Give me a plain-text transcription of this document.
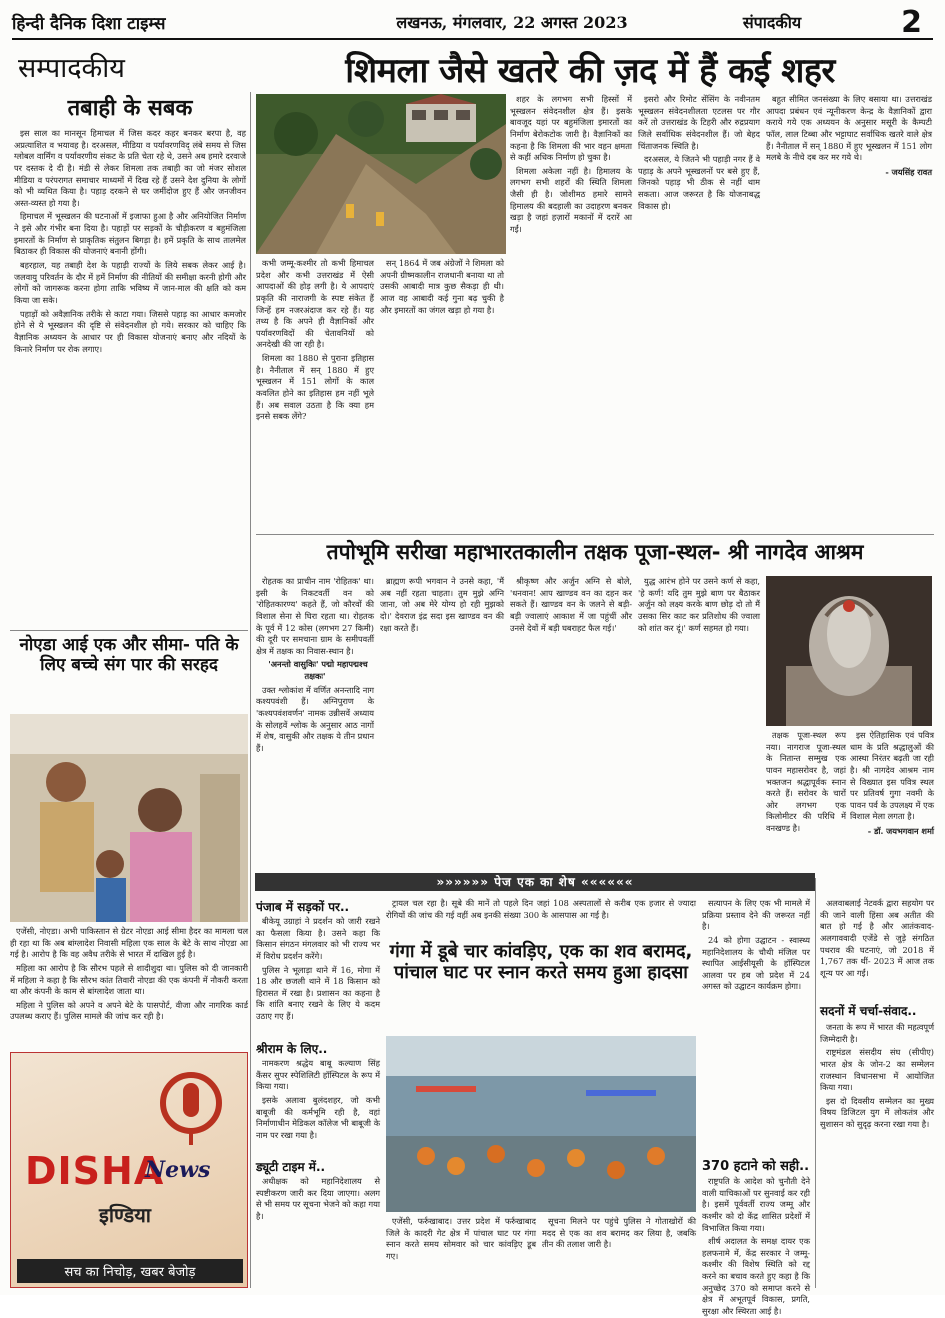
हिन्दी दैनिक दिशा टाइम्स	लखनऊ, मंगलवार, 22 अगस्त 2023	संपादकीय	2
सम्पादकीय	शिमला जैसे खतरे की ज़द में हैं कई शहर
तबाही के सबक

इस साल का मानसून हिमाचल में जिस कदर कहर बनकर बरपा है, वह अप्रत्याशित व भयावह है। दरअसल, मीडिया व पर्यावरणविद् लंबे समय से जिस ग्लोबल वार्मिंग व पर्यावरणीय संकट के प्रति चेता रहे थे, उसने अब हमारे दरवाजे पर दस्तक दे दी है। मंडी से लेकर शिमला तक तबाही का जो मंजर सोशल मीडिया व परंपरागत समाचार माध्यमों में दिख रहे हैं उसने देश दुनिया के लोगों को भी व्यथित किया है। पहाड़ दरकने से घर जमींदोज हुए हैं और जनजीवन अस्त-व्यस्त हो गया है।

हिमाचल में भूस्खलन की घटनाओं में इजाफा हुआ है और अनियोजित निर्माण ने इसे और गंभीर बना दिया है। पहाड़ों पर सड़कों के चौड़ीकरण व बहुमंजिला इमारतों के निर्माण से प्राकृतिक संतुलन बिगड़ा है। हमें प्रकृति के साथ तालमेल बिठाकर ही विकास की योजनाएं बनानी होंगी।

बहरहाल, यह तबाही देश के पहाड़ी राज्यों के लिये सबक लेकर आई है। जलवायु परिवर्तन के दौर में हमें निर्माण की नीतियों की समीक्षा करनी होगी और लोगों को जागरूक करना होगा ताकि भविष्य में जान-माल की क्षति को कम किया जा सके।

पहाड़ों को अवैज्ञानिक तरीके से काटा गया। जिससे पहाड़ का आधार कमजोर होने से ये भूस्खलन की दृष्टि से संवेदनशील हो गये। सरकार को चाहिए कि वैज्ञानिक अध्ययन के आधार पर ही विकास योजनाएं बनाए और नदियों के किनारे निर्माण पर रोक लगाए।

कभी जम्मू-कश्मीर तो कभी हिमाचल प्रदेश और कभी उत्तराखंड में ऐसी आपदाओं की होड़ लगी है। ये आपदाएं प्रकृति की नाराजगी के स्पष्ट संकेत हैं जिन्हें हम नजरअंदाज कर रहे हैं। यह तथ्य है कि अपने ही वैज्ञानिकों और पर्यावरणविदों की चेतावनियों को अनदेखी की जा रही है।

शिमला का 1880 से पुराना इतिहास है। नैनीताल में सन् 1880 में हुए भूस्खलन में 151 लोगों के काल कवलित होने का इतिहास हम नहीं भूले हैं। अब सवाल उठता है कि क्या हम इनसे सबक लेंगे?

सन् 1864 में जब अंग्रेजों ने शिमला को अपनी ग्रीष्मकालीन राजधानी बनाया था तो उसकी आबादी मात्र कुछ सैकड़ा ही थी। आज वह आबादी कई गुना बढ़ चुकी है और इमारतों का जंगल खड़ा हो गया है।

शहर के लगभग सभी हिस्सों में भूस्खलन संवेदनशील क्षेत्र हैं। इसके बावजूद यहां पर बहुमंजिला इमारतों का निर्माण बेरोकटोक जारी है। वैज्ञानिकों का कहना है कि शिमला की भार वहन क्षमता से कहीं अधिक निर्माण हो चुका है।

शिमला अकेला नहीं है। हिमालय के लगभग सभी शहरों की स्थिति शिमला जैसी ही है। जोशीमठ हमारे सामने हिमालय की बदहाली का उदाहरण बनकर खड़ा है जहां हज़ारों मकानों में दरारें आ गईं।

इसरो और रिमोट सेंसिंग के नवीनतम भूस्खलन संवेदनशीलता एटलस पर गौर करें तो उत्तराखंड के टिहरी और रुद्रप्रयाग जिले सर्वाधिक संवेदनशील हैं। जो बेहद चिंताजनक स्थिति है।

दरअसल, ये जितने भी पहाड़ी नगर हैं वे पहाड़ के अपने भूस्खलनों पर बसे हुए हैं, जिनको पहाड़ भी ठीक से नहीं थाम सकता। आज जरूरत है कि योजनाबद्ध विकास हो।

बहुत सीमित जनसंख्या के लिए बसाया था। उत्तराखंड आपदा प्रबंधन एवं न्यूनीकरण केन्द्र के वैज्ञानिकों द्वारा कराये गये एक अध्ययन के अनुसार मसूरी के कैम्पटी फॉल, लाल टिब्बा और भट्टाघाट सर्वाधिक खतरे वाले क्षेत्र हैं। नैनीताल में सन् 1880 में हुए भूस्खलन में 151 लोग मलबे के नीचे दब कर मर गये थे।

- जयसिंह रावत
तपोभूमि सरीखा महाभारतकालीन तक्षक पूजा-स्थल- श्री नागदेव आश्रम

रोहतक का प्राचीन नाम 'रोहितक' था। इसी के निकटवर्ती वन को 'रोहितकारण्य' कहते हैं, जो कौरवों की विशाल सेना से घिरा रहता था। रोहतक के पूर्व में 12 कोस (लगभग 27 किमी) की दूरी पर समचाना ग्राम के समीपवर्ती क्षेत्र में तक्षक का निवास-स्थान है।

'अनन्तो वासुकिः' पद्मो महापद्मश्च तक्षकः'

उक्त श्लोकांश में वर्णित अनन्तादि नाग कश्यपवंशी हैं। अग्निपुराण के 'कश्यपवंशवर्णन' नामक उन्नीसवें अध्याय के सोलहवें श्लोक के अनुसार आठ नागों में शेष, वासुकी और तक्षक ये तीन प्रधान हैं।

ब्राह्मण रूपी भगवान ने उनसे कहा, 'मैं अब नहीं रहता चाहता। तुम मुझे अग्नि जाना, जो अब मेरे योग्य हो रही मुझको दो।' देवराज इंद्र सदा इस खाण्डव वन की रक्षा करते हैं।

श्रीकृष्ण और अर्जुन अग्नि से बोले, 'धनवान! आप खाण्डव वन का दहन कर सकते हैं। खाण्डव वन के जलने से बड़ी-बड़ी ज्वालाएं आकाश में जा पहुंचीं और उनसे देवों में बड़ी घबराहट फैल गई।'

युद्ध आरंभ होने पर उसने कर्ण से कहा, 'हे कर्ण! यदि तुम मुझे बाण पर बैठाकर अर्जुन को लक्ष्य करके बाण छोड़ दो तो मैं उसका सिर काट कर प्रतिशोध की ज्वाला को शांत कर दूं।' कर्ण सहमत हो गया।

तक्षक पूजा-स्थल रूप नया। नागराज पूजा-स्थल के नितान्त सम्मुख एक पावन महासरोवर है, जहां भक्तजन श्रद्धापूर्वक स्नान करते हैं। सरोवर के चारों ओर लगभग एक किलोमीटर की परिधि में वनखण्ड है।

इस ऐतिहासिक एवं पवित्र धाम के प्रति श्रद्धालुओं की आस्था निरंतर बढ़ती जा रही है। श्री नागदेव आश्रम नाम से विख्यात इस पवित्र स्थल पर प्रतिवर्ष गुगा नवमी के पावन पर्व के उपलक्ष्य में एक विशाल मेला लगता है।

- डॉ. जयभगवान शर्मा
»»»»»» पेज एक का शेष ««««««
नोएडा आई एक और सीमा- पति के लिए बच्चे संग पार की सरहद

एजेंसी, नोएडा। अभी पाकिस्तान से ग्रेटर नोएडा आई सीमा हैदर का मामला चल ही रहा था कि अब बांग्लादेश निवासी महिला एक साल के बेटे के साथ नोएडा आ गई है। आरोप है कि वह अवैध तरीके से भारत में दाखिल हुई है।

महिला का आरोप है कि सौरभ पहले से शादीशुदा था। पुलिस को दी जानकारी में महिला ने कहा है कि सौरभ कांत तिवारी नोएडा की एक कंपनी में नौकरी करता था और कंपनी के काम से बांग्लादेश जाता था।

महिला ने पुलिस को अपने व अपने बेटे के पासपोर्ट, वीजा और नागरिक कार्ड उपलब्ध कराए हैं। पुलिस मामले की जांच कर रही है।

DISHA
News
इण्डिया
सच का निचोड़, खबर बेजोड़
पंजाब में सड़कों पर..

बीकेयू उग्राहां ने प्रदर्शन को जारी रखने का फैसला किया है। उसने कहा कि किसान संगठन मंगलवार को भी राज्य भर में विरोध प्रदर्शन करेंगे।

पुलिस ने भूलाड़ा थाने में 16, मोगा में 18 और छजली थाने में 18 किसान को हिरासत में रखा है। प्रशासन का कहना है कि शांति बनाए रखने के लिए ये कदम उठाए गए हैं।

श्रीराम के लिए..

नामकरण श्रद्धेय बाबू कल्याण सिंह कैंसर सुपर स्पेशिलिटी हॉस्पिटल के रूप में किया गया।

इसके अलावा बुलंदशहर, जो कभी बाबूजी की कर्मभूमि रही है, वहां निर्माणाधीन मेडिकल कॉलेज भी बाबूजी के नाम पर रखा गया है।

ड्यूटी टाइम में..

अधीक्षक को महानिदेशालय से स्पष्टीकरण जारी कर दिया जाएगा। अलग से भी समय पर सूचना भेजने को कहा गया है।

ट्रायल चल रहा है। सूबे की मानें तो पहले दिन जहां 108 अस्पतालों से करीब एक हजार से ज्यादा रोगियों की जांच की गई वहीं अब इनकी संख्या 300 के आसपास आ गई है।

गंगा में डूबे चार कांवड़िए, एक का शव बरामद, पांचाल घाट पर स्नान करते समय हुआ हादसा

एजेंसी, फर्रुखाबाद। उत्तर प्रदेश में फर्रुखाबाद जिले के कादरी गेट क्षेत्र में पांचाल घाट पर गंगा स्नान करते समय सोमवार को चार कांवड़िए डूब गए।

सूचना मिलने पर पहुंचे पुलिस ने गोताखोरों की मदद से एक का शव बरामद कर लिया है, जबकि तीन की तलाश जारी है।

सत्यापन के लिए एक भी मामले में प्रक्रिया प्रस्ताव देने की जरूरत नहीं है।

24 को होगा उद्घाटन - स्वास्थ्य महानिदेशालय के चौथी मंजिल पर स्थापित आईसीयूसी के हॉस्पिटल आलवा पर हब जो प्रदेश में 24 अगस्त को उद्घाटन कार्यक्रम होगा।

370 हटाने को सही..

राष्ट्रपति के आदेश को चुनौती देने वाली याचिकाओं पर सुनवाई कर रही है। इसमें पूर्ववर्ती राज्य जम्मू और कश्मीर को दो केंद्र शासित प्रदेशों में विभाजित किया गया।

शीर्ष अदालत के समक्ष दायर एक हलफनामे में, केंद्र सरकार ने जम्मू-कश्मीर की विशेष स्थिति को रद्द करने का बचाव करते हुए कहा है कि अनुच्छेद 370 को समाप्त करने से क्षेत्र में अभूतपूर्व विकास, प्रगति, सुरक्षा और स्थिरता आई है।

अलवाबलाई नेटवर्क द्वारा सहयोग पर की जाने वाली हिंसा अब अतीत की बात हो गई है और आतंकवाद-अलगाववादी एजेंडे से जुड़े संगठित पथराव की घटनाएं, जो 2018 में 1,767 तक थीं- 2023 में आज तक शून्य पर आ गईं।

सदनों में चर्चा-संवाद..

जनता के रूप में भारत की महत्वपूर्ण जिम्मेदारी है।

राष्ट्रमंडल संसदीय संघ (सीपीए) भारत क्षेत्र के जोन-2 का सम्मेलन राजस्थान विधानसभा में आयोजित किया गया।

इस दो दिवसीय सम्मेलन का मुख्य विषय डिजिटल युग में लोकतंत्र और सुशासन को सुदृढ़ करना रखा गया है।
